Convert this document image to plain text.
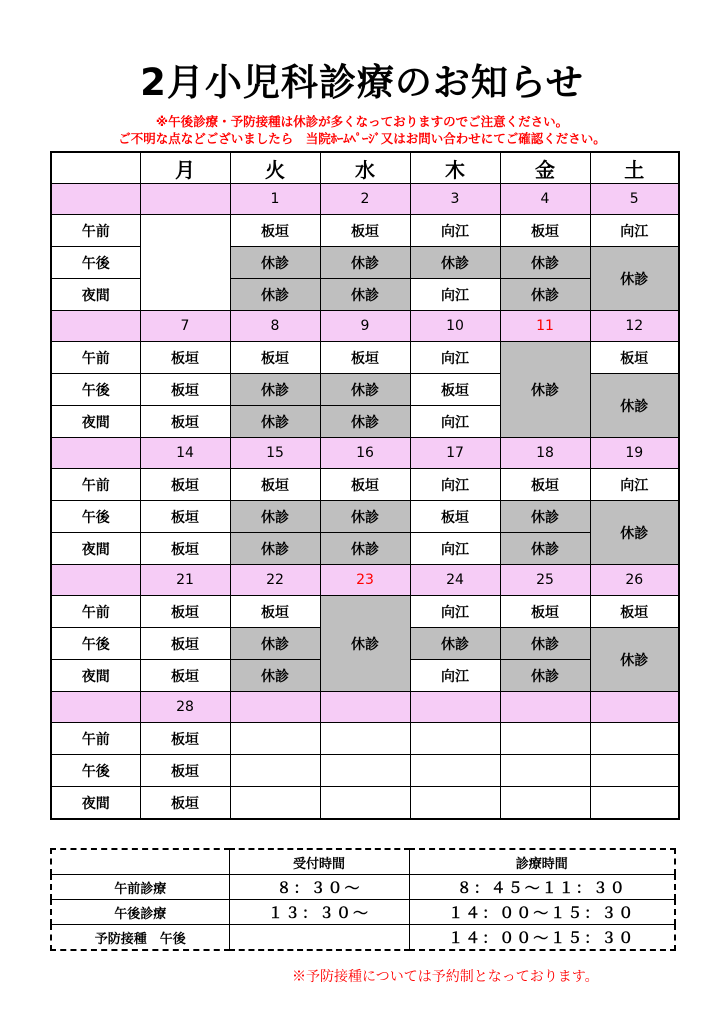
2月小児科診療のお知らせ
※午後診療・予防接種は休診が多くなっておりますのでご注意ください。
ご不明な点などございましたら　当院ﾎｰﾑﾍﾟｰｼﾞ又はお問い合わせにてご確認ください。
	月	火	水	木	金	土
		1	2	3	4	5
午前		板垣	板垣	向江	板垣	向江
午後		休診	休診	休診	休診	休診
夜間		休診	休診	向江	休診	
	7	8	9	10	11	12
午前	板垣	板垣	板垣	向江	休診	板垣
午後	板垣	休診	休診	板垣		休診
夜間	板垣	休診	休診	向江		
	14	15	16	17	18	19
午前	板垣	板垣	板垣	向江	板垣	向江
午後	板垣	休診	休診	板垣	休診	休診
夜間	板垣	休診	休診	向江	休診	
	21	22	23	24	25	26
午前	板垣	板垣	休診	向江	板垣	板垣
午後	板垣	休診		休診	休診	休診
夜間	板垣	休診		向江	休診	
	28					
午前	板垣					
午後	板垣					
夜間	板垣					
	受付時間	診療時間
午前診療	８：３０～	８：４５～１１：３０
午後診療	１３：３０～	１４：００～１５：３０
予防接種　午後		１４：００～１５：３０
※予防接種については予約制となっております。
